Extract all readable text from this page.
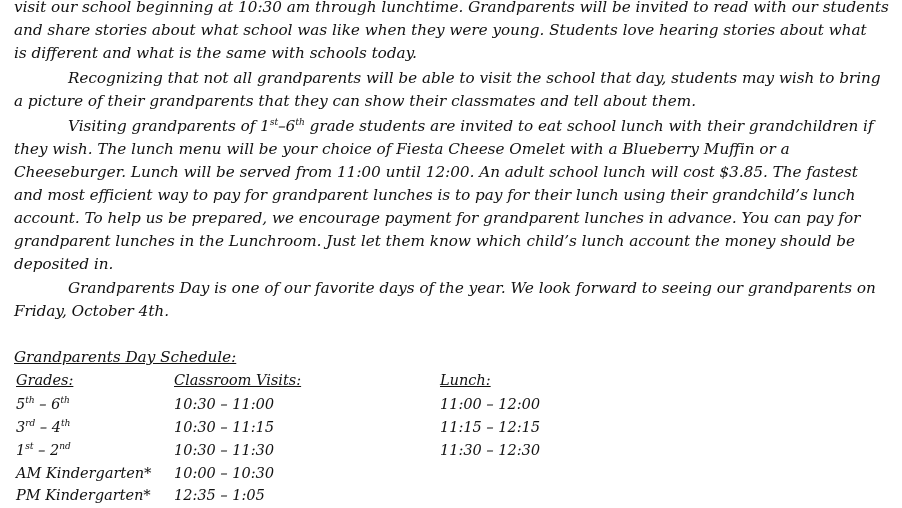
visit our school beginning at 10:30 am through lunchtime. Grandparents will be invited to read with our students
and share stories about what school was like when they were young. Students love hearing stories about what
is different and what is the same with schools today.
Recognizing that not all grandparents will be able to visit the school that day, students may wish to bring
a picture of their grandparents that they can show their classmates and tell about them.
Visiting grandparents of 1st–6th grade students are invited to eat school lunch with their grandchildren if
they wish. The lunch menu will be your choice of Fiesta Cheese Omelet with a Blueberry Muffin or a
Cheeseburger. Lunch will be served from 11:00 until 12:00. An adult school lunch will cost $3.85. The fastest
and most efficient way to pay for grandparent lunches is to pay for their lunch using their grandchild’s lunch
account. To help us be prepared, we encourage payment for grandparent lunches in advance. You can pay for
grandparent lunches in the Lunchroom. Just let them know which child’s lunch account the money should be
deposited in.
Grandparents Day is one of our favorite days of the year. We look forward to seeing our grandparents on
Friday, October 4th.
Grandparents Day Schedule:
Grades:	Classroom Visits:	Lunch:
5th – 6th	10:30 – 11:00	11:00 – 12:00
3rd – 4th	10:30 – 11:15	11:15 – 12:15
1st – 2nd	10:30 – 11:30	11:30 – 12:30
AM Kindergarten* 10:00 – 10:30
PM Kindergarten* 12:35 – 1:05
